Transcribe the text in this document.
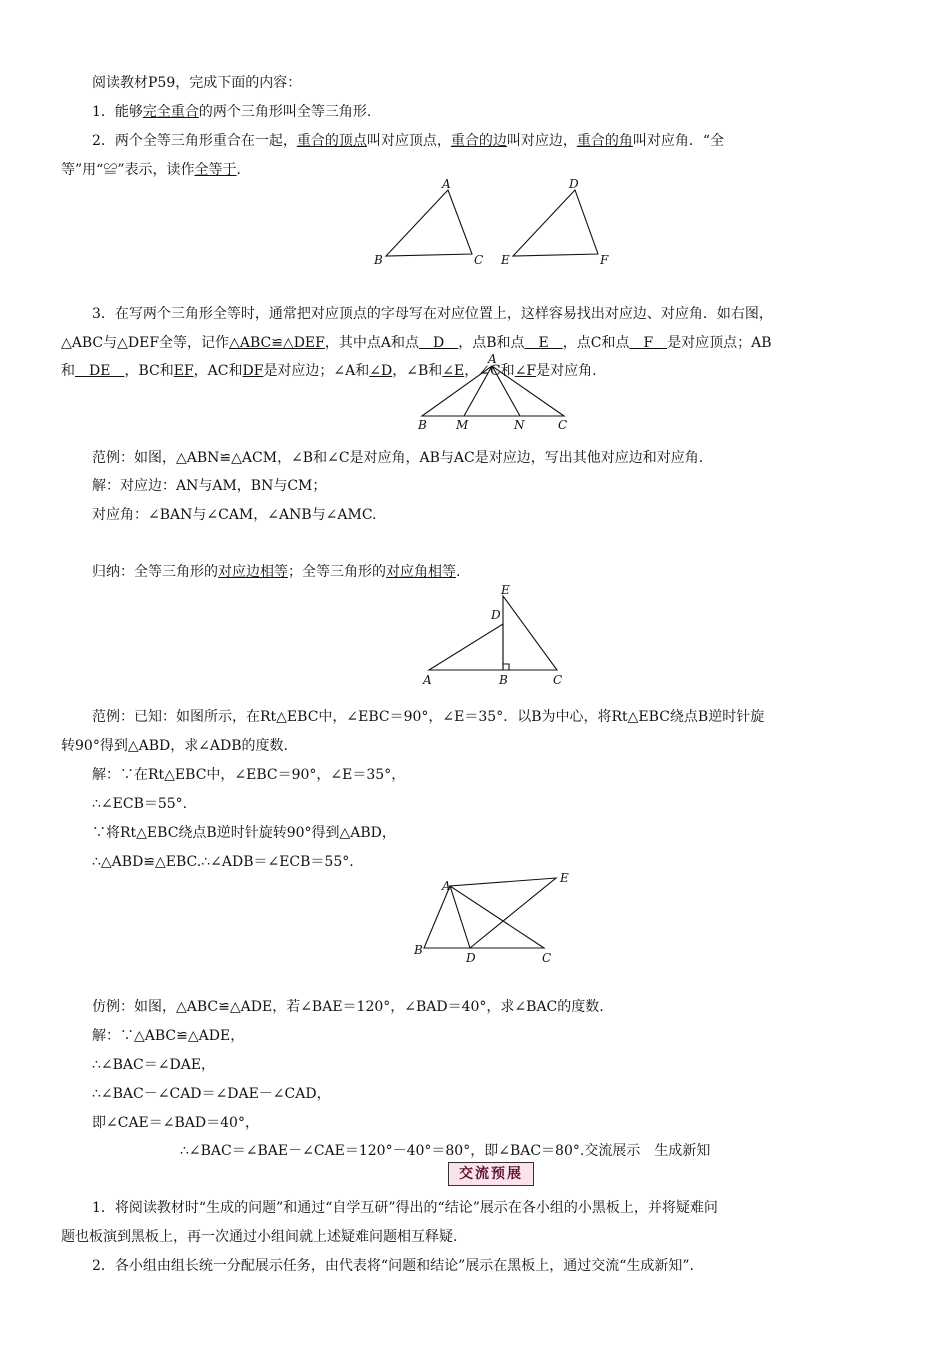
阅读教材P59，完成下面的内容：
1．能够完全重合的两个三角形叫全等三角形.
2．两个全等三角形重合在一起，重合的顶点叫对应顶点，重合的边叫对应边，重合的角叫对应角．“全
等”用“≌”表示，读作全等于.
A
B	C
D
E	F
3．在写两个三角形全等时，通常把对应顶点的字母写在对应位置上，这样容易找出对应边、对应角．如右图，
△ABC与△DEF全等，记作△ABC≌△DEF，其中点A和点　D　，点B和点　E　，点C和点　F　是对应顶点；AB
和　DE　，BC和EF，AC和DF是对应边；∠A和∠D，∠B和∠E，∠C和∠F是对应角.
A
B M	N	C
范例：如图，△ABN≌△ACM，∠B和∠C是对应角，AB与AC是对应边，写出其他对应边和对应角.
解：对应边：AN与AM，BN与CM；
对应角：∠BAN与∠CAM，∠ANB与∠AMC.
归纳：全等三角形的对应边相等；全等三角形的对应角相等.
E
D
A	B	C
范例：已知：如图所示，在Rt△EBC中，∠EBC＝90°，∠E＝35°．以B为中心，将Rt△EBC绕点B逆时针旋
转90°得到△ABD，求∠ADB的度数.
解：∵在Rt△EBC中，∠EBC＝90°，∠E＝35°，
∴∠ECB＝55°.
∵将Rt△EBC绕点B逆时针旋转90°得到△ABD，
∴△ABD≌△EBC.∴∠ADB＝∠ECB＝55°.
A
E
B
D	C
仿例：如图，△ABC≌△ADE，若∠BAE＝120°，∠BAD＝40°，求∠BAC的度数.
解：∵△ABC≌△ADE，
∴∠BAC＝∠DAE，
∴∠BAC－∠CAD＝∠DAE－∠CAD，
即∠CAE＝∠BAD＝40°，
∴∠BAC＝∠BAE－∠CAE＝120°－40°＝80°，即∠BAC＝80°.交流展示　生成新知
交流预展
1．将阅读教材时“生成的问题”和通过“自学互研”得出的“结论”展示在各小组的小黑板上，并将疑难问
题也板演到黑板上，再一次通过小组间就上述疑难问题相互释疑.
2．各小组由组长统一分配展示任务，由代表将“问题和结论”展示在黑板上，通过交流“生成新知”.
